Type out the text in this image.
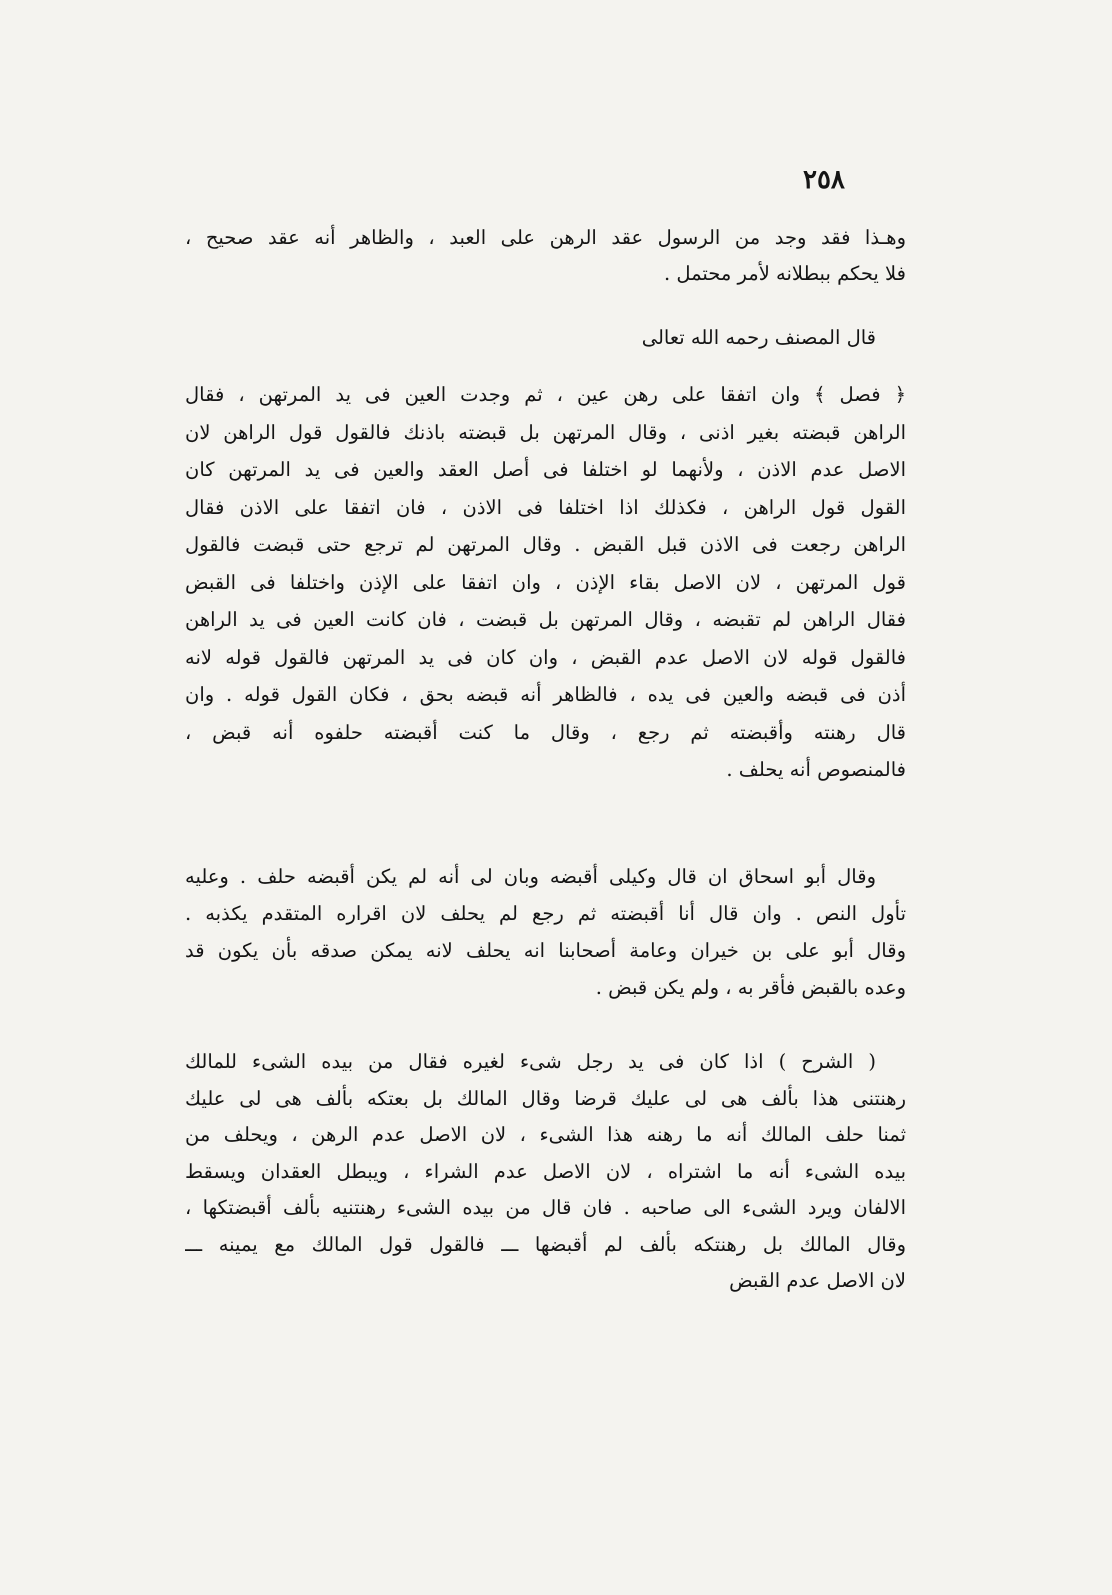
٢٥٨
وهـذا فقد وجد من الرسول عقد الرهن على العبد ، والظاهر أنه عقد صحيح ،
فلا يحكم ببطلانه لأمر محتمل .
قال المصنف رحمه الله تعالى
﴿ فصل ﴾ وان اتفقا على رهن عين ، ثم وجدت العين فى يد المرتهن ، فقال
الراهن قبضته بغير اذنى ، وقال المرتهن بل قبضته باذنك فالقول قول الراهن لان
الاصل عدم الاذن ، ولأنهما لو اختلفا فى أصل العقد والعين فى يد المرتهن كان
القول قول الراهن ، فكذلك اذا اختلفا فى الاذن ، فان اتفقا على الاذن فقال
الراهن رجعت فى الاذن قبل القبض . وقال المرتهن لم ترجع حتى قبضت فالقول
قول المرتهن ، لان الاصل بقاء الإذن ، وان اتفقا على الإذن واختلفا فى القبض
فقال الراهن لم تقبضه ، وقال المرتهن بل قبضت ، فان كانت العين فى يد الراهن
فالقول قوله لان الاصل عدم القبض ، وان كان فى يد المرتهن فالقول قوله لانه
أذن فى قبضه والعين فى يده ، فالظاهر أنه قبضه بحق ، فكان القول قوله . وان
قال رهنته وأقبضته ثم رجع ، وقال ما كنت أقبضته حلفوه أنه قبض ،
فالمنصوص أنه يحلف .
وقال أبو اسحاق ان قال وكيلى أقبضه وبان لى أنه لم يكن أقبضه حلف . وعليه
تأول النص . وان قال أنا أقبضته ثم رجع لم يحلف لان اقراره المتقدم يكذبه .
وقال أبو على بن خيران وعامة أصحابنا انه يحلف لانه يمكن صدقه بأن يكون قد
وعده بالقبض فأقر به ، ولم يكن قبض .
( الشرح ) اذا كان فى يد رجل شىء لغيره فقال من بيده الشىء للمالك
رهنتنى هذا بألف هى لى عليك قرضا وقال المالك بل بعتكه بألف هى لى عليك
ثمنا حلف المالك أنه ما رهنه هذا الشىء ، لان الاصل عدم الرهن ، ويحلف من
بيده الشىء أنه ما اشتراه ، لان الاصل عدم الشراء ، ويبطل العقدان ويسقط
الالفان ويرد الشىء الى صاحبه . فان قال من بيده الشىء رهنتنيه بألف أقبضتكها ،
وقال المالك بل رهنتكه بألف لم أقبضها ـــ فالقول قول المالك مع يمينه ـــ
لان الاصل عدم القبض
